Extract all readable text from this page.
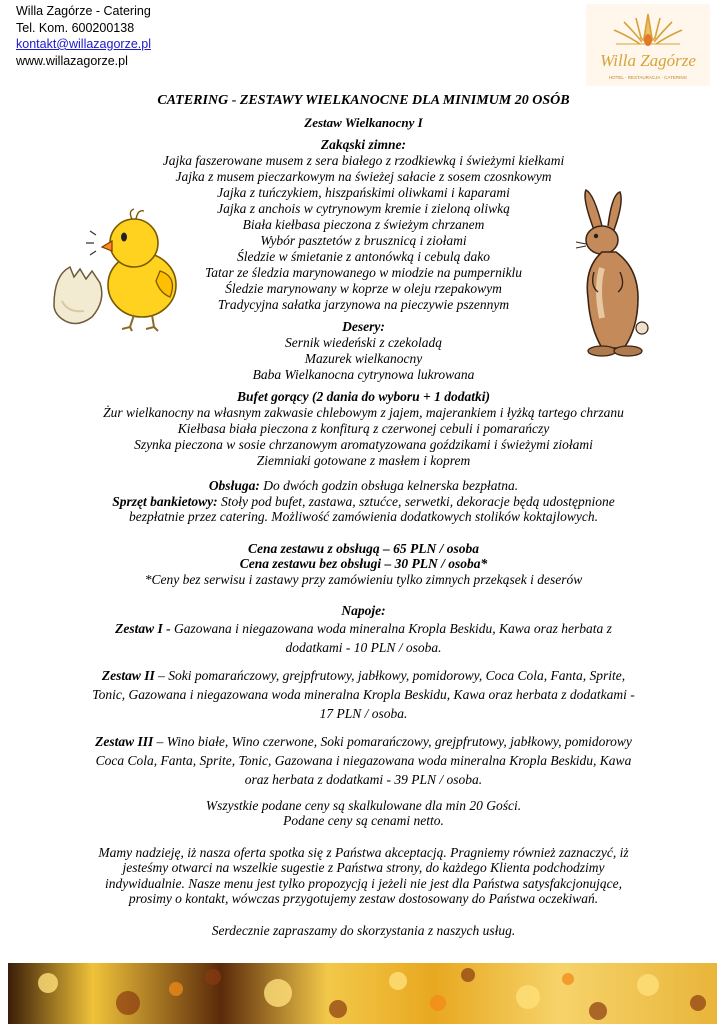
Willa Zagórze - Catering
Tel. Kom. 600200138
kontakt@willazagorze.pl
www.willazagorze.pl	Willa Zagórze
HOTEL · RESTAURACJA · CATERING

CATERING - ZESTAWY WIELKANOCNE DLA MINIMUM 20 OSÓB

Zestaw Wielkanocny I

Zakąski zimne:

Jajka faszerowane musem z sera białego z rzodkiewką i świeżymi kiełkami

Jajka z musem pieczarkowym na świeżej sałacie z sosem czosnkowym

Jajka z tuńczykiem, hiszpańskimi oliwkami i kaparami

Jajka z anchois w cytrynowym kremie i zieloną oliwką

Biała kiełbasa pieczona z świeżym chrzanem

Wybór pasztetów z brusznicą i ziołami

Śledzie w śmietanie z antonówką i cebulą dako

Tatar ze śledzia marynowanego w miodzie na pumperniklu

Śledzie marynowany w koprze w oleju rzepakowym

Tradycyjna sałatka jarzynowa na pieczywie pszennym

Desery:

Sernik wiedeński z czekoladą

Mazurek wielkanocny

Baba Wielkanocna cytrynowa lukrowana

Bufet gorący (2 dania do wyboru + 1 dodatki)

Żur wielkanocny na własnym zakwasie chlebowym z jajem, majerankiem i łyżką tartego chrzanu

Kiełbasa biała pieczona z konfiturą z czerwonej cebuli i pomarańczy

Szynka pieczona w sosie chrzanowym aromatyzowana goździkami i świeżymi ziołami

Ziemniaki gotowane z masłem i koprem

Obsługa: Do dwóch godzin obsługa kelnerska bezpłatna.

Sprzęt bankietowy: Stoły pod bufet, zastawa, sztućce, serwetki, dekoracje będą udostępnione bezpłatnie przez catering. Możliwość zamówienia dodatkowych stolików koktajlowych.

Cena zestawu z obsługą – 65 PLN / osoba

Cena zestawu bez obsługi – 30 PLN / osoba*

*Ceny bez serwisu i zastawy przy zamówieniu tylko zimnych przekąsek i deserów

Napoje:

Zestaw I - Gazowana i niegazowana woda mineralna Kropla Beskidu, Kawa oraz herbata z dodatkami - 10 PLN / osoba.

Zestaw II – Soki pomarańczowy, grejpfrutowy, jabłkowy, pomidorowy, Coca Cola, Fanta, Sprite, Tonic, Gazowana i niegazowana woda mineralna Kropla Beskidu, Kawa oraz herbata z dodatkami - 17 PLN / osoba.

Zestaw III – Wino białe, Wino czerwone, Soki pomarańczowy, grejpfrutowy, jabłkowy, pomidorowy Coca Cola, Fanta, Sprite, Tonic, Gazowana i niegazowana woda mineralna Kropla Beskidu, Kawa oraz herbata z dodatkami - 39 PLN / osoba.

Wszystkie podane ceny są skalkulowane dla min 20 Gości.

Podane ceny są cenami netto.

Mamy nadzieję, iż nasza oferta spotka się z Państwa akceptacją. Pragniemy również zaznaczyć, iż jesteśmy otwarci na wszelkie sugestie z Państwa strony, do każdego Klienta podchodzimy indywidualnie. Nasze menu jest tylko propozycją i jeżeli nie jest dla Państwa satysfakcjonujące, prosimy o kontakt, wówczas przygotujemy zestaw dostosowany do Państwa oczekiwań.

Serdecznie zapraszamy do skorzystania z naszych usług.
